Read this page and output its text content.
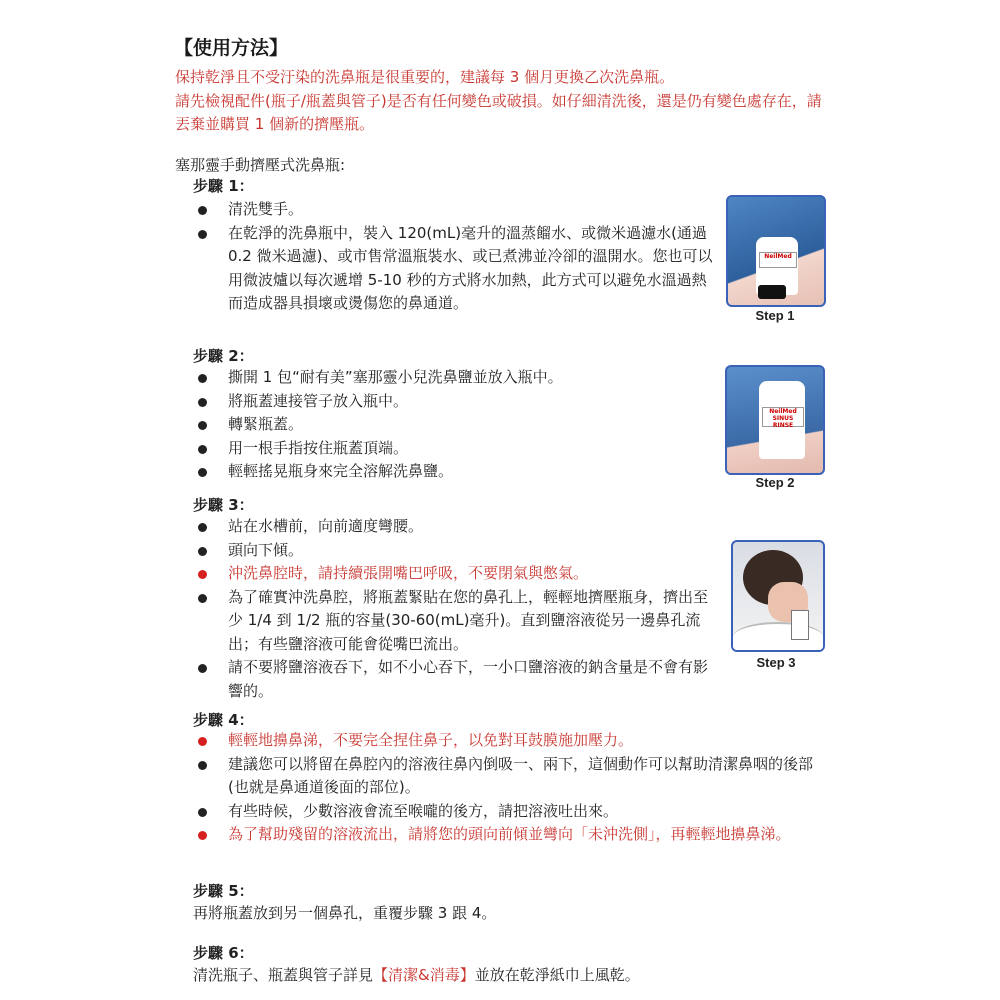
【使用方法】
保持乾淨且不受汙染的洗鼻瓶是很重要的，建議每 3 個月更換乙次洗鼻瓶。
請先檢視配件(瓶子/瓶蓋與管子)是否有任何變色或破損。如仔細清洗後，還是仍有變色處存在，請丟棄並購買 1 個新的擠壓瓶。
塞那靈手動擠壓式洗鼻瓶:
步驟 1：
清洗雙手。
在乾淨的洗鼻瓶中，裝入 120(mL)毫升的溫蒸餾水、或微米過濾水(通過 0.2 微米過濾)、或市售常溫瓶裝水、或已煮沸並冷卻的溫開水。您也可以用微波爐以每次遞增 5-10 秒的方式將水加熱，此方式可以避免水溫過熱而造成器具損壞或燙傷您的鼻通道。
NeilMed
Step 1
步驟 2：
撕開 1 包“耐有美”塞那靈小兒洗鼻鹽並放入瓶中。
將瓶蓋連接管子放入瓶中。
轉緊瓶蓋。
用一根手指按住瓶蓋頂端。
輕輕搖晃瓶身來完全溶解洗鼻鹽。
NeilMed SINUS RINSE
Step 2
步驟 3：
站在水槽前，向前適度彎腰。
頭向下傾。
沖洗鼻腔時，請持續張開嘴巴呼吸，不要閉氣與憋氣。
為了確實沖洗鼻腔，將瓶蓋緊貼在您的鼻孔上，輕輕地擠壓瓶身，擠出至少 1/4 到 1/2 瓶的容量(30-60(mL)毫升)。直到鹽溶液從另一邊鼻孔流出；有些鹽溶液可能會從嘴巴流出。
請不要將鹽溶液吞下，如不小心吞下，一小口鹽溶液的鈉含量是不會有影響的。
Step 3
步驟 4：
輕輕地擤鼻涕，不要完全捏住鼻子，以免對耳鼓膜施加壓力。
建議您可以將留在鼻腔內的溶液往鼻內倒吸一、兩下，這個動作可以幫助清潔鼻咽的後部(也就是鼻通道後面的部位)。
有些時候，少數溶液會流至喉嚨的後方，請把溶液吐出來。
為了幫助殘留的溶液流出，請將您的頭向前傾並彎向「未沖洗側」，再輕輕地擤鼻涕。
步驟 5：
再將瓶蓋放到另一個鼻孔，重覆步驟 3 跟 4。
步驟 6：
清洗瓶子、瓶蓋與管子詳見【清潔&消毒】並放在乾淨紙巾上風乾。
